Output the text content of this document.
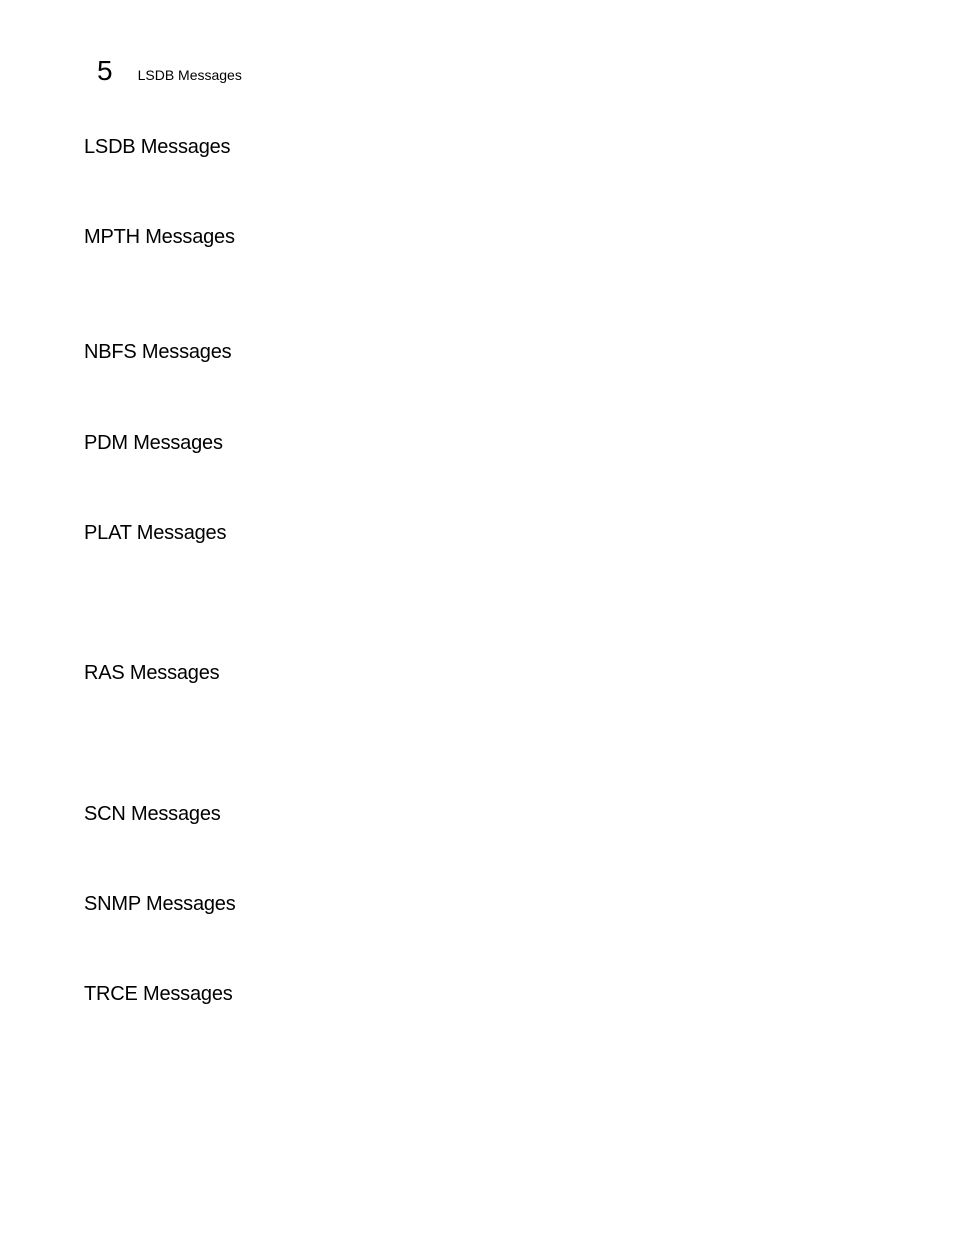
5 LSDB Messages
LSDB Messages
MPTH Messages
NBFS Messages
PDM Messages
PLAT Messages
RAS Messages
SCN Messages
SNMP Messages
TRCE Messages
